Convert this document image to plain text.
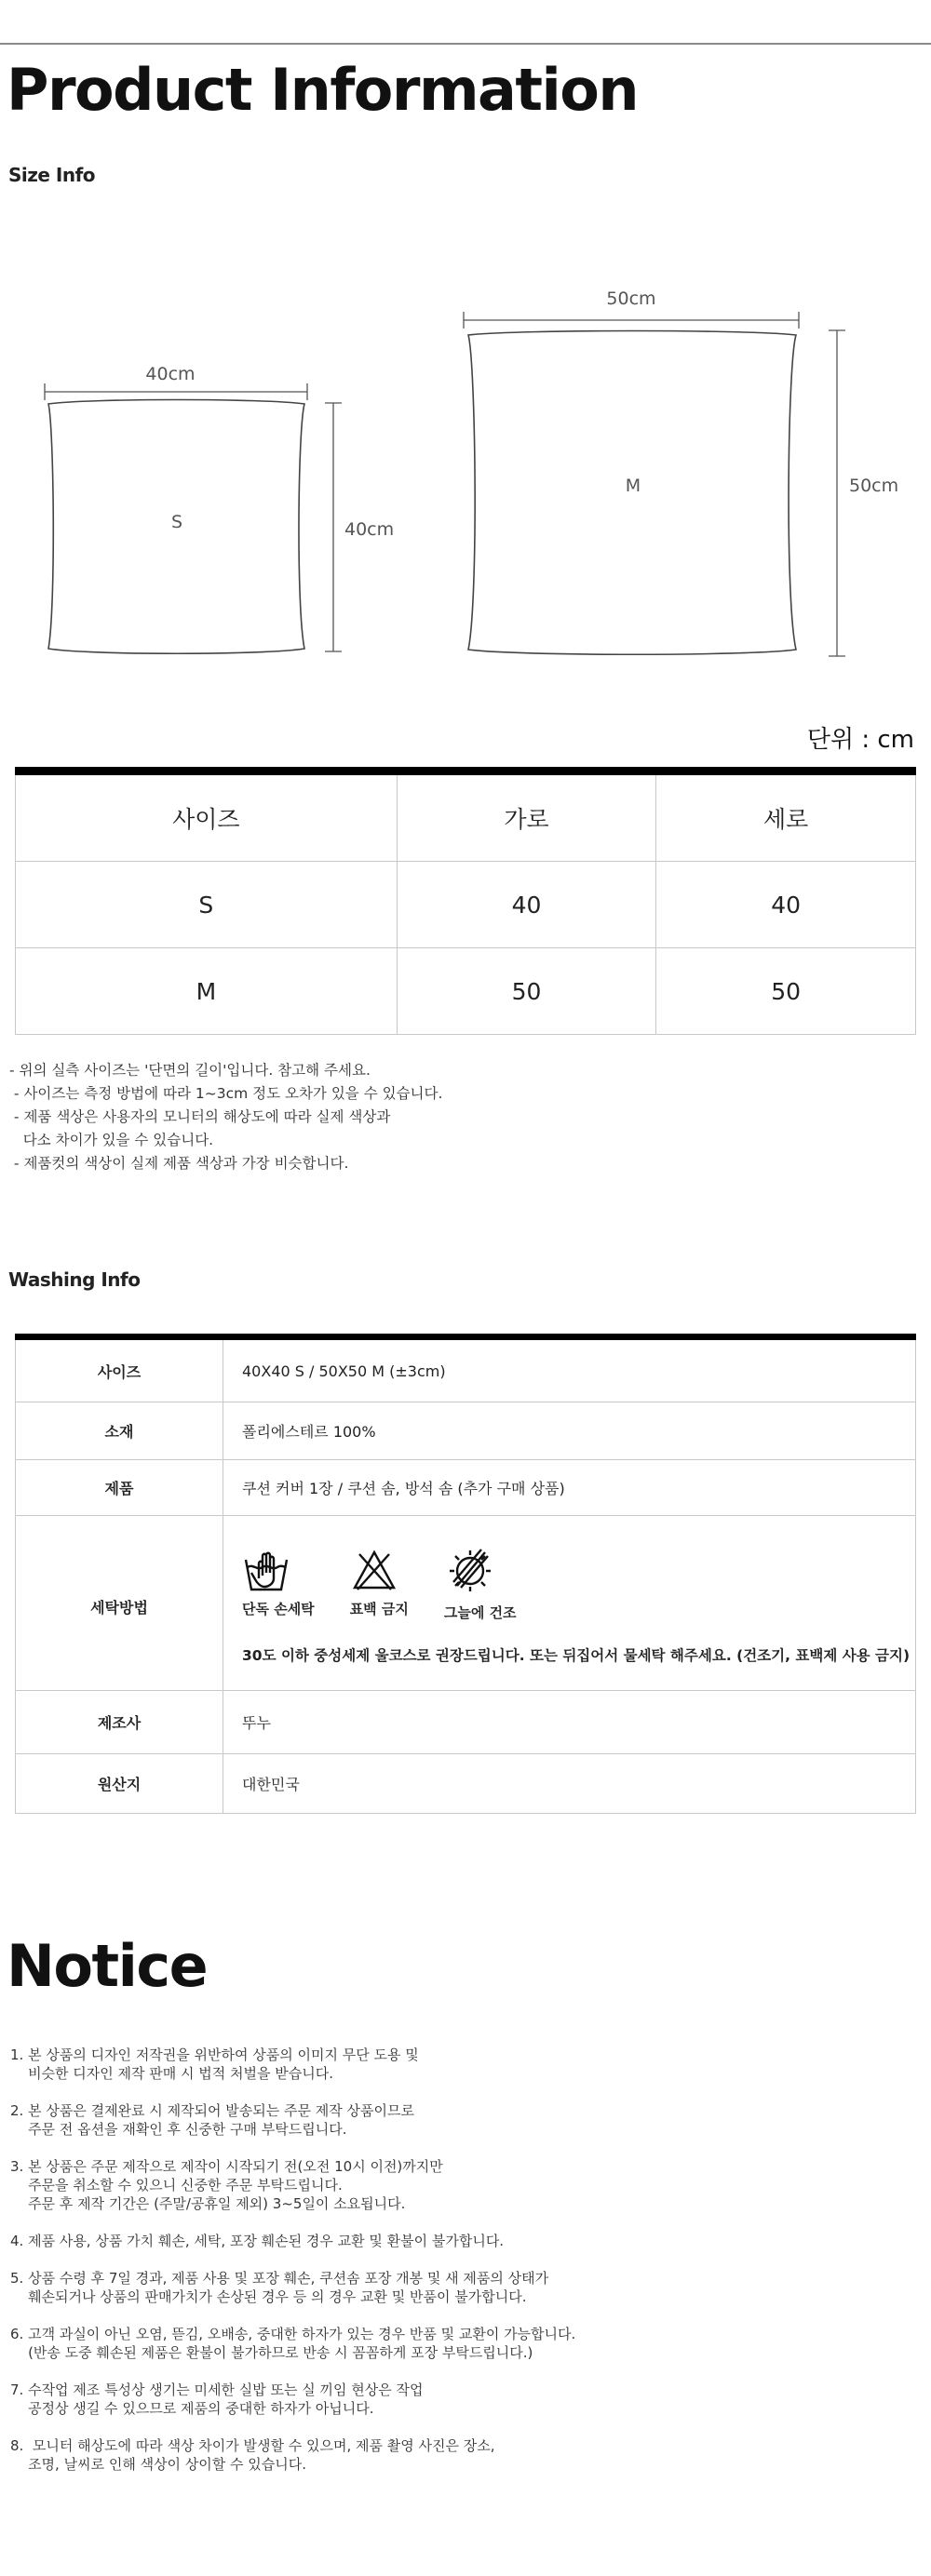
Product Information
Size Info
40cm
40cm
S
50cm
50cm
M
단위 : cm
사이즈	가로	세로
S	40	40
M	50	50
- 위의 실측 사이즈는 '단면의 길이'입니다. 참고해 주세요.
- 사이즈는 측정 방법에 따라 1~3cm 정도 오차가 있을 수 있습니다.
- 제품 색상은 사용자의 모니터의 해상도에 따라 실제 색상과
다소 차이가 있을 수 있습니다.
- 제품컷의 색상이 실제 제품 색상과 가장 비슷합니다.
Washing Info
사이즈	40X40 S / 50X50 M (±3cm)
소재	폴리에스테르 100%
제품	쿠션 커버 1장 / 쿠션 솜, 방석 솜 (추가 구매 상품)
세탁방법	단독 손세탁 표백 금지 그늘에 건조
30도 이하 중성세제 울코스로 권장드립니다. 또는 뒤집어서 물세탁 해주세요. (건조기, 표백제 사용 금지)

제조사	뚜누
원산지	대한민국
Notice
1. 본 상품의 디자인 저작권을 위반하여 상품의 이미지 무단 도용 및
비슷한 디자인 제작 판매 시 법적 처벌을 받습니다.
2. 본 상품은 결제완료 시 제작되어 발송되는 주문 제작 상품이므로
주문 전 옵션을 재확인 후 신중한 구매 부탁드립니다.
3. 본 상품은 주문 제작으로 제작이 시작되기 전(오전 10시 이전)까지만
주문을 취소할 수 있으니 신중한 주문 부탁드립니다.
주문 후 제작 기간은 (주말/공휴일 제외) 3~5일이 소요됩니다.
4. 제품 사용, 상품 가치 훼손, 세탁, 포장 훼손된 경우 교환 및 환불이 불가합니다.
5. 상품 수령 후 7일 경과, 제품 사용 및 포장 훼손, 쿠션솜 포장 개봉 및 새 제품의 상태가
훼손되거나 상품의 판매가치가 손상된 경우 등 의 경우 교환 및 반품이 불가합니다.
6. 고객 과실이 아닌 오염, 뜯김, 오배송, 중대한 하자가 있는 경우 반품 및 교환이 가능합니다.
(반송 도중 훼손된 제품은 환불이 불가하므로 반송 시 꼼꼼하게 포장 부탁드립니다.)
7. 수작업 제조 특성상 생기는 미세한 실밥 또는 실 끼임 현상은 작업
공정상 생길 수 있으므로 제품의 중대한 하자가 아닙니다.
8.  모니터 해상도에 따라 색상 차이가 발생할 수 있으며, 제품 촬영 사진은 장소,
조명, 날씨로 인해 색상이 상이할 수 있습니다.
